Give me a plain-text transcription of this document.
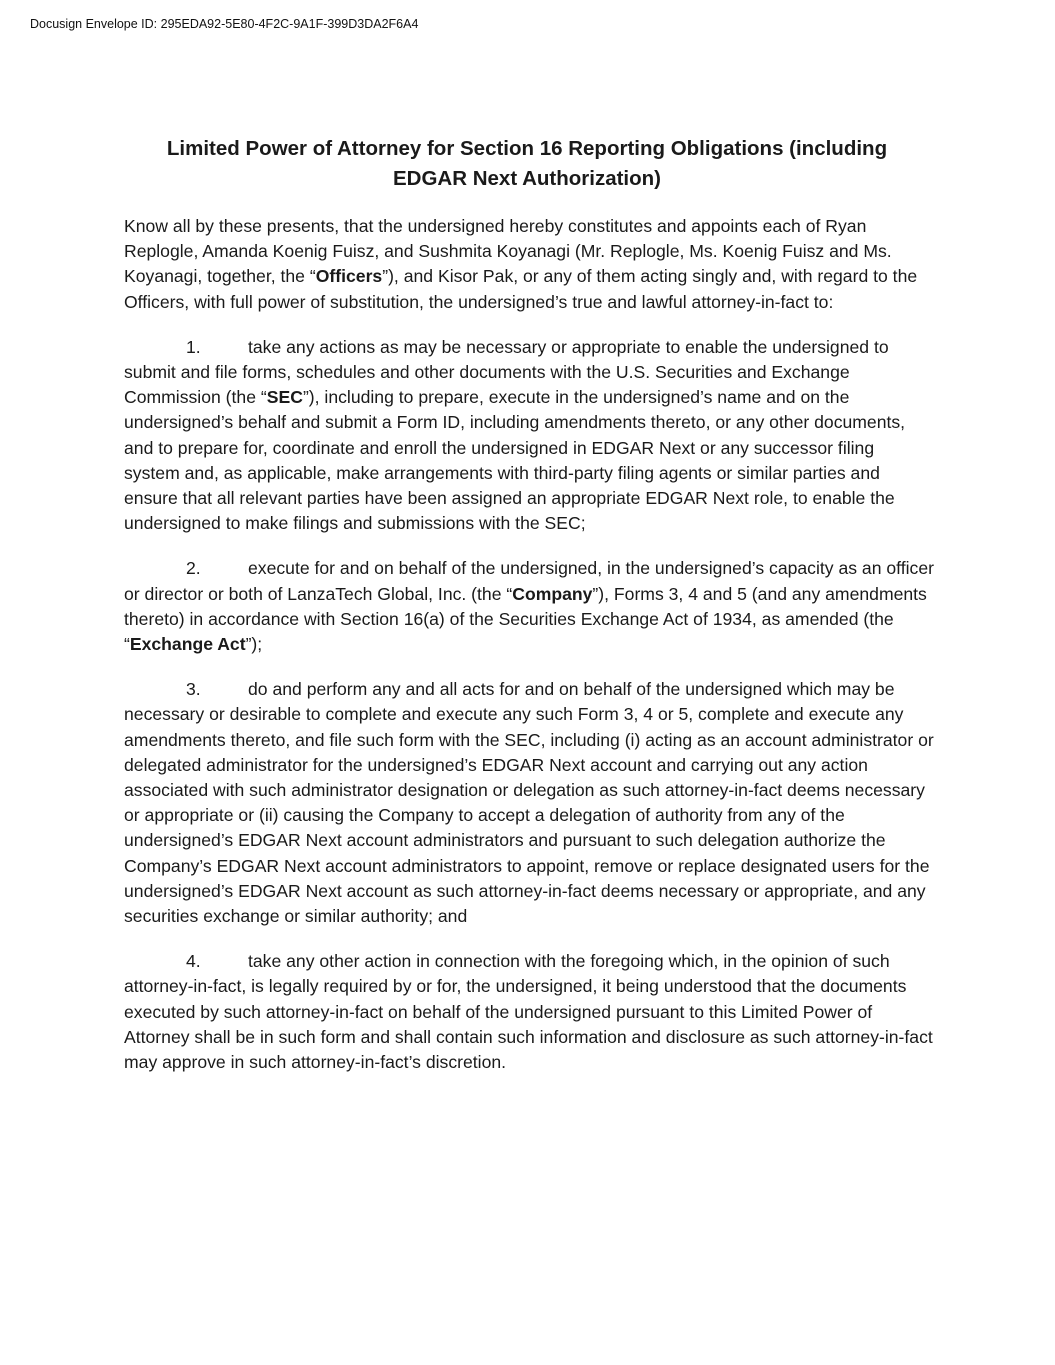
Docusign Envelope ID: 295EDA92-5E80-4F2C-9A1F-399D3DA2F6A4
Limited Power of Attorney for Section 16 Reporting Obligations (including
EDGAR Next Authorization)

Know all by these presents, that the undersigned hereby constitutes and appoints each of Ryan Replogle, Amanda Koenig Fuisz, and Sushmita Koyanagi (Mr. Replogle, Ms. Koenig Fuisz and Ms. Koyanagi, together, the “Officers”), and Kisor Pak, or any of them acting singly and, with regard to the Officers, with full power of substitution, the undersigned’s true and lawful attorney-in-fact to:

1.	take any actions as may be necessary or appropriate to enable the undersigned to submit and file forms, schedules and other documents with the U.S. Securities and Exchange Commission (the “SEC”), including to prepare, execute in the undersigned’s name and on the undersigned’s behalf and submit a Form ID, including amendments thereto, or any other documents, and to prepare for, coordinate and enroll the undersigned in EDGAR Next or any successor filing system and, as applicable, make arrangements with third-party filing agents or similar parties and ensure that all relevant parties have been assigned an appropriate EDGAR Next role, to enable the undersigned to make filings and submissions with the SEC;

2.	execute for and on behalf of the undersigned, in the undersigned’s capacity as an officer or director or both of LanzaTech Global, Inc. (the “Company”), Forms 3, 4 and 5 (and any amendments thereto) in accordance with Section 16(a) of the Securities Exchange Act of 1934, as amended (the “Exchange Act”);

3.	do and perform any and all acts for and on behalf of the undersigned which may be necessary or desirable to complete and execute any such Form 3, 4 or 5, complete and execute any amendments thereto, and file such form with the SEC, including (i) acting as an account administrator or delegated administrator for the undersigned’s EDGAR Next account and carrying out any action associated with such administrator designation or delegation as such attorney-in-fact deems necessary or appropriate or (ii) causing the Company to accept a delegation of authority from any of the undersigned’s EDGAR Next account administrators and pursuant to such delegation authorize the Company’s EDGAR Next account administrators to appoint, remove or replace designated users for the undersigned’s EDGAR Next account as such attorney-in-fact deems necessary or appropriate, and any securities exchange or similar authority; and

4.	take any other action in connection with the foregoing which, in the opinion of such attorney-in-fact, is legally required by or for, the undersigned, it being understood that the documents executed by such attorney-in-fact on behalf of the undersigned pursuant to this Limited Power of Attorney shall be in such form and shall contain such information and disclosure as such attorney-in-fact may approve in such attorney-in-fact’s discretion.
